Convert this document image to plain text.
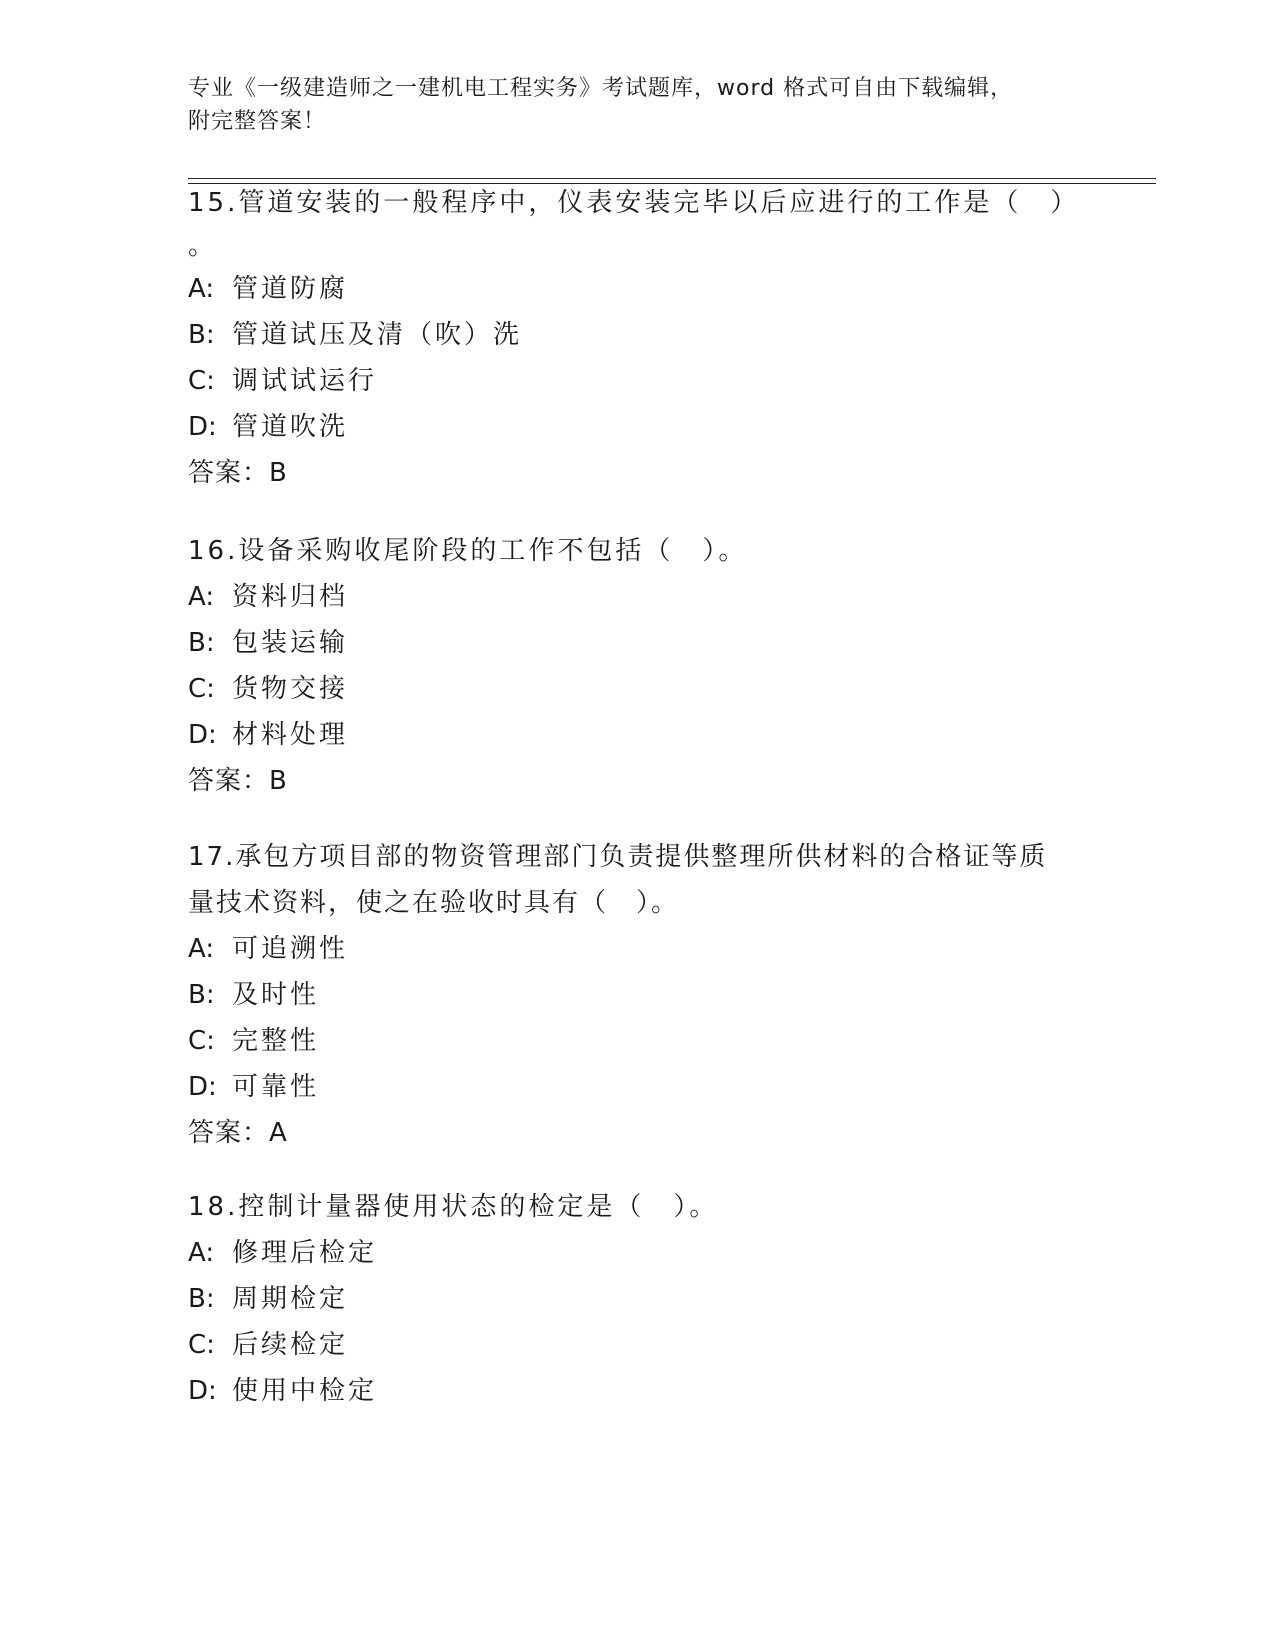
专业《一级建造师之一建机电工程实务》考试题库，word 格式可自由下载编辑，
附完整答案！
15.管道安装的一般程序中，仪表安装完毕以后应进行的工作是（　）
。
A: 管道防腐
B: 管道试压及清（吹）洗
C: 调试试运行
D: 管道吹洗
答案：B
16.设备采购收尾阶段的工作不包括（　）。
A: 资料归档
B: 包装运输
C: 货物交接
D: 材料处理
答案：B
17.承包方项目部的物资管理部门负责提供整理所供材料的合格证等质
量技术资料，使之在验收时具有（　）。
A: 可追溯性
B: 及时性
C: 完整性
D: 可靠性
答案：A
18.控制计量器使用状态的检定是（　）。
A: 修理后检定
B: 周期检定
C: 后续检定
D: 使用中检定
